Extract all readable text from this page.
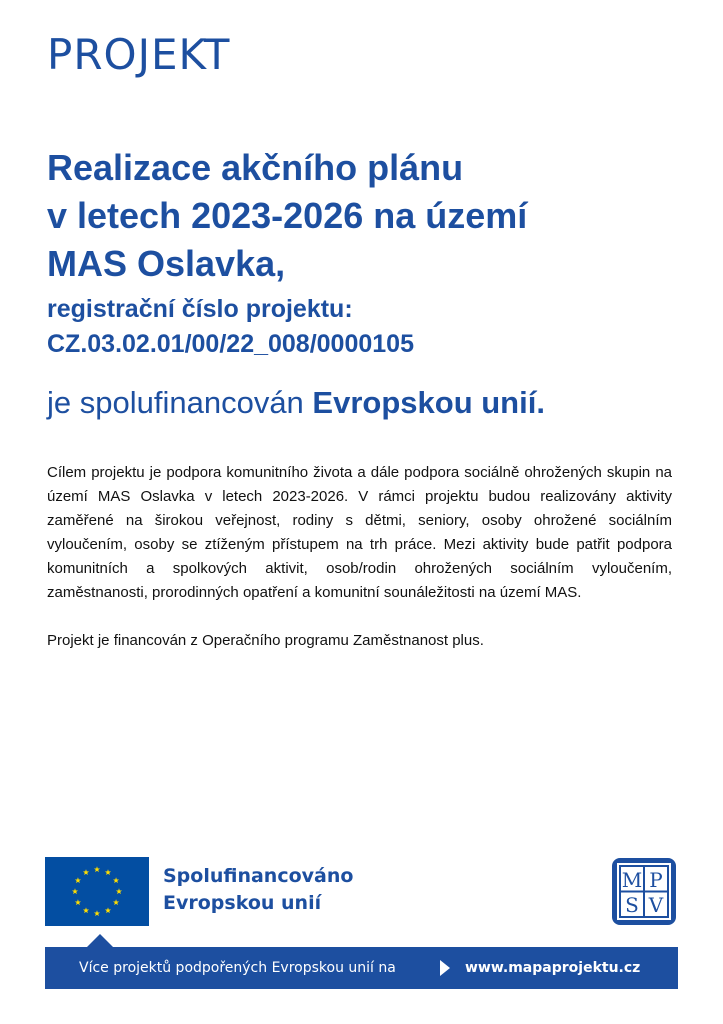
PROJEKT
Realizace akčního plánu
v letech 2023-2026 na území
MAS Oslavka,
registrační číslo projektu:
CZ.03.02.01/00/22_008/0000105
je spolufinancován Evropskou unií.

Cílem projektu je podpora komunitního života a dále podpora sociálně ohrožených skupin na území MAS Oslavka v letech 2023-2026. V rámci projektu budou realizovány aktivity zaměřené na širokou veřejnost, rodiny s dětmi, seniory, osoby ohrožené sociálním vyloučením, osoby se ztíženým přístupem na trh práce. Mezi aktivity bude patřit podpora komunitních a spolkových aktivit, osob/rodin ohrožených sociálním vyloučením, zaměstnanosti, prorodinných opatření a komunitní sounáležitosti na území MAS.

Projekt je financován z Operačního programu Zaměstnanost plus.

Spolufinancováno
Evropskou unií
M P
S V
Více projektů podpořených Evropskou unií na	www.mapaprojektu.cz
